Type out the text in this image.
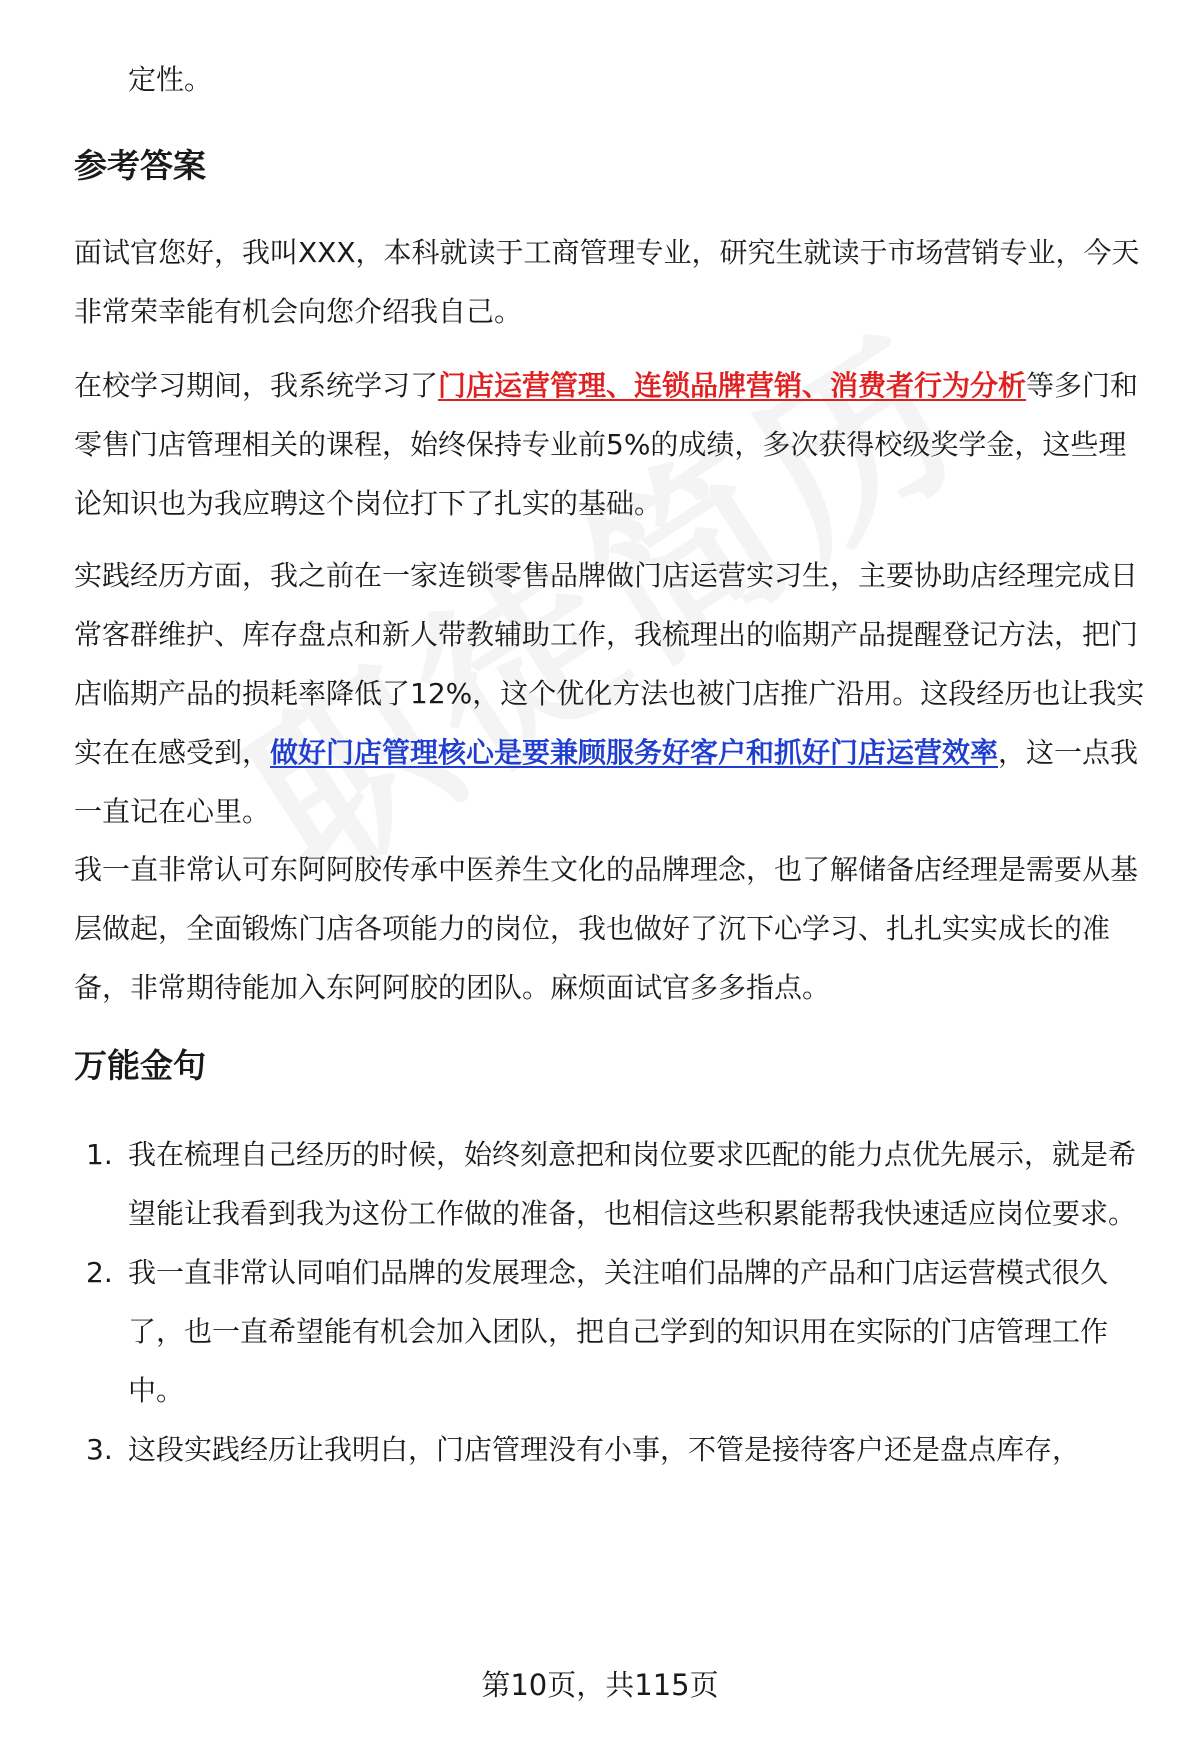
定性。

参考答案

面试官您好，我叫XXX，本科就读于工商管理专业，研究生就读于市场营销专业，今天非常荣幸能有机会向您介绍我自己。

在校学习期间，我系统学习了门店运营管理、连锁品牌营销、消费者行为分析等多门和零售门店管理相关的课程，始终保持专业前5%的成绩，多次获得校级奖学金，这些理论知识也为我应聘这个岗位打下了扎实的基础。

实践经历方面，我之前在一家连锁零售品牌做门店运营实习生，主要协助店经理完成日常客群维护、库存盘点和新人带教辅助工作，我梳理出的临期产品提醒登记方法，把门店临期产品的损耗率降低了12%，这个优化方法也被门店推广沿用。这段经历也让我实实在在感受到，做好门店管理核心是要兼顾服务好客户和抓好门店运营效率，这一点我一直记在心里。

我一直非常认可东阿阿胶传承中医养生文化的品牌理念，也了解储备店经理是需要从基层做起，全面锻炼门店各项能力的岗位，我也做好了沉下心学习、扎扎实实成长的准备，非常期待能加入东阿阿胶的团队。麻烦面试官多多指点。

万能金句
1. 我在梳理自己经历的时候，始终刻意把和岗位要求匹配的能力点优先展示，就是希望能让我看到我为这份工作做的准备，也相信这些积累能帮我快速适应岗位要求。
2. 我一直非常认同咱们品牌的发展理念，关注咱们品牌的产品和门店运营模式很久了，也一直希望能有机会加入团队，把自己学到的知识用在实际的门店管理工作中。
3. 这段实践经历让我明白，门店管理没有小事，不管是接待客户还是盘点库存，
第10页，共115页
